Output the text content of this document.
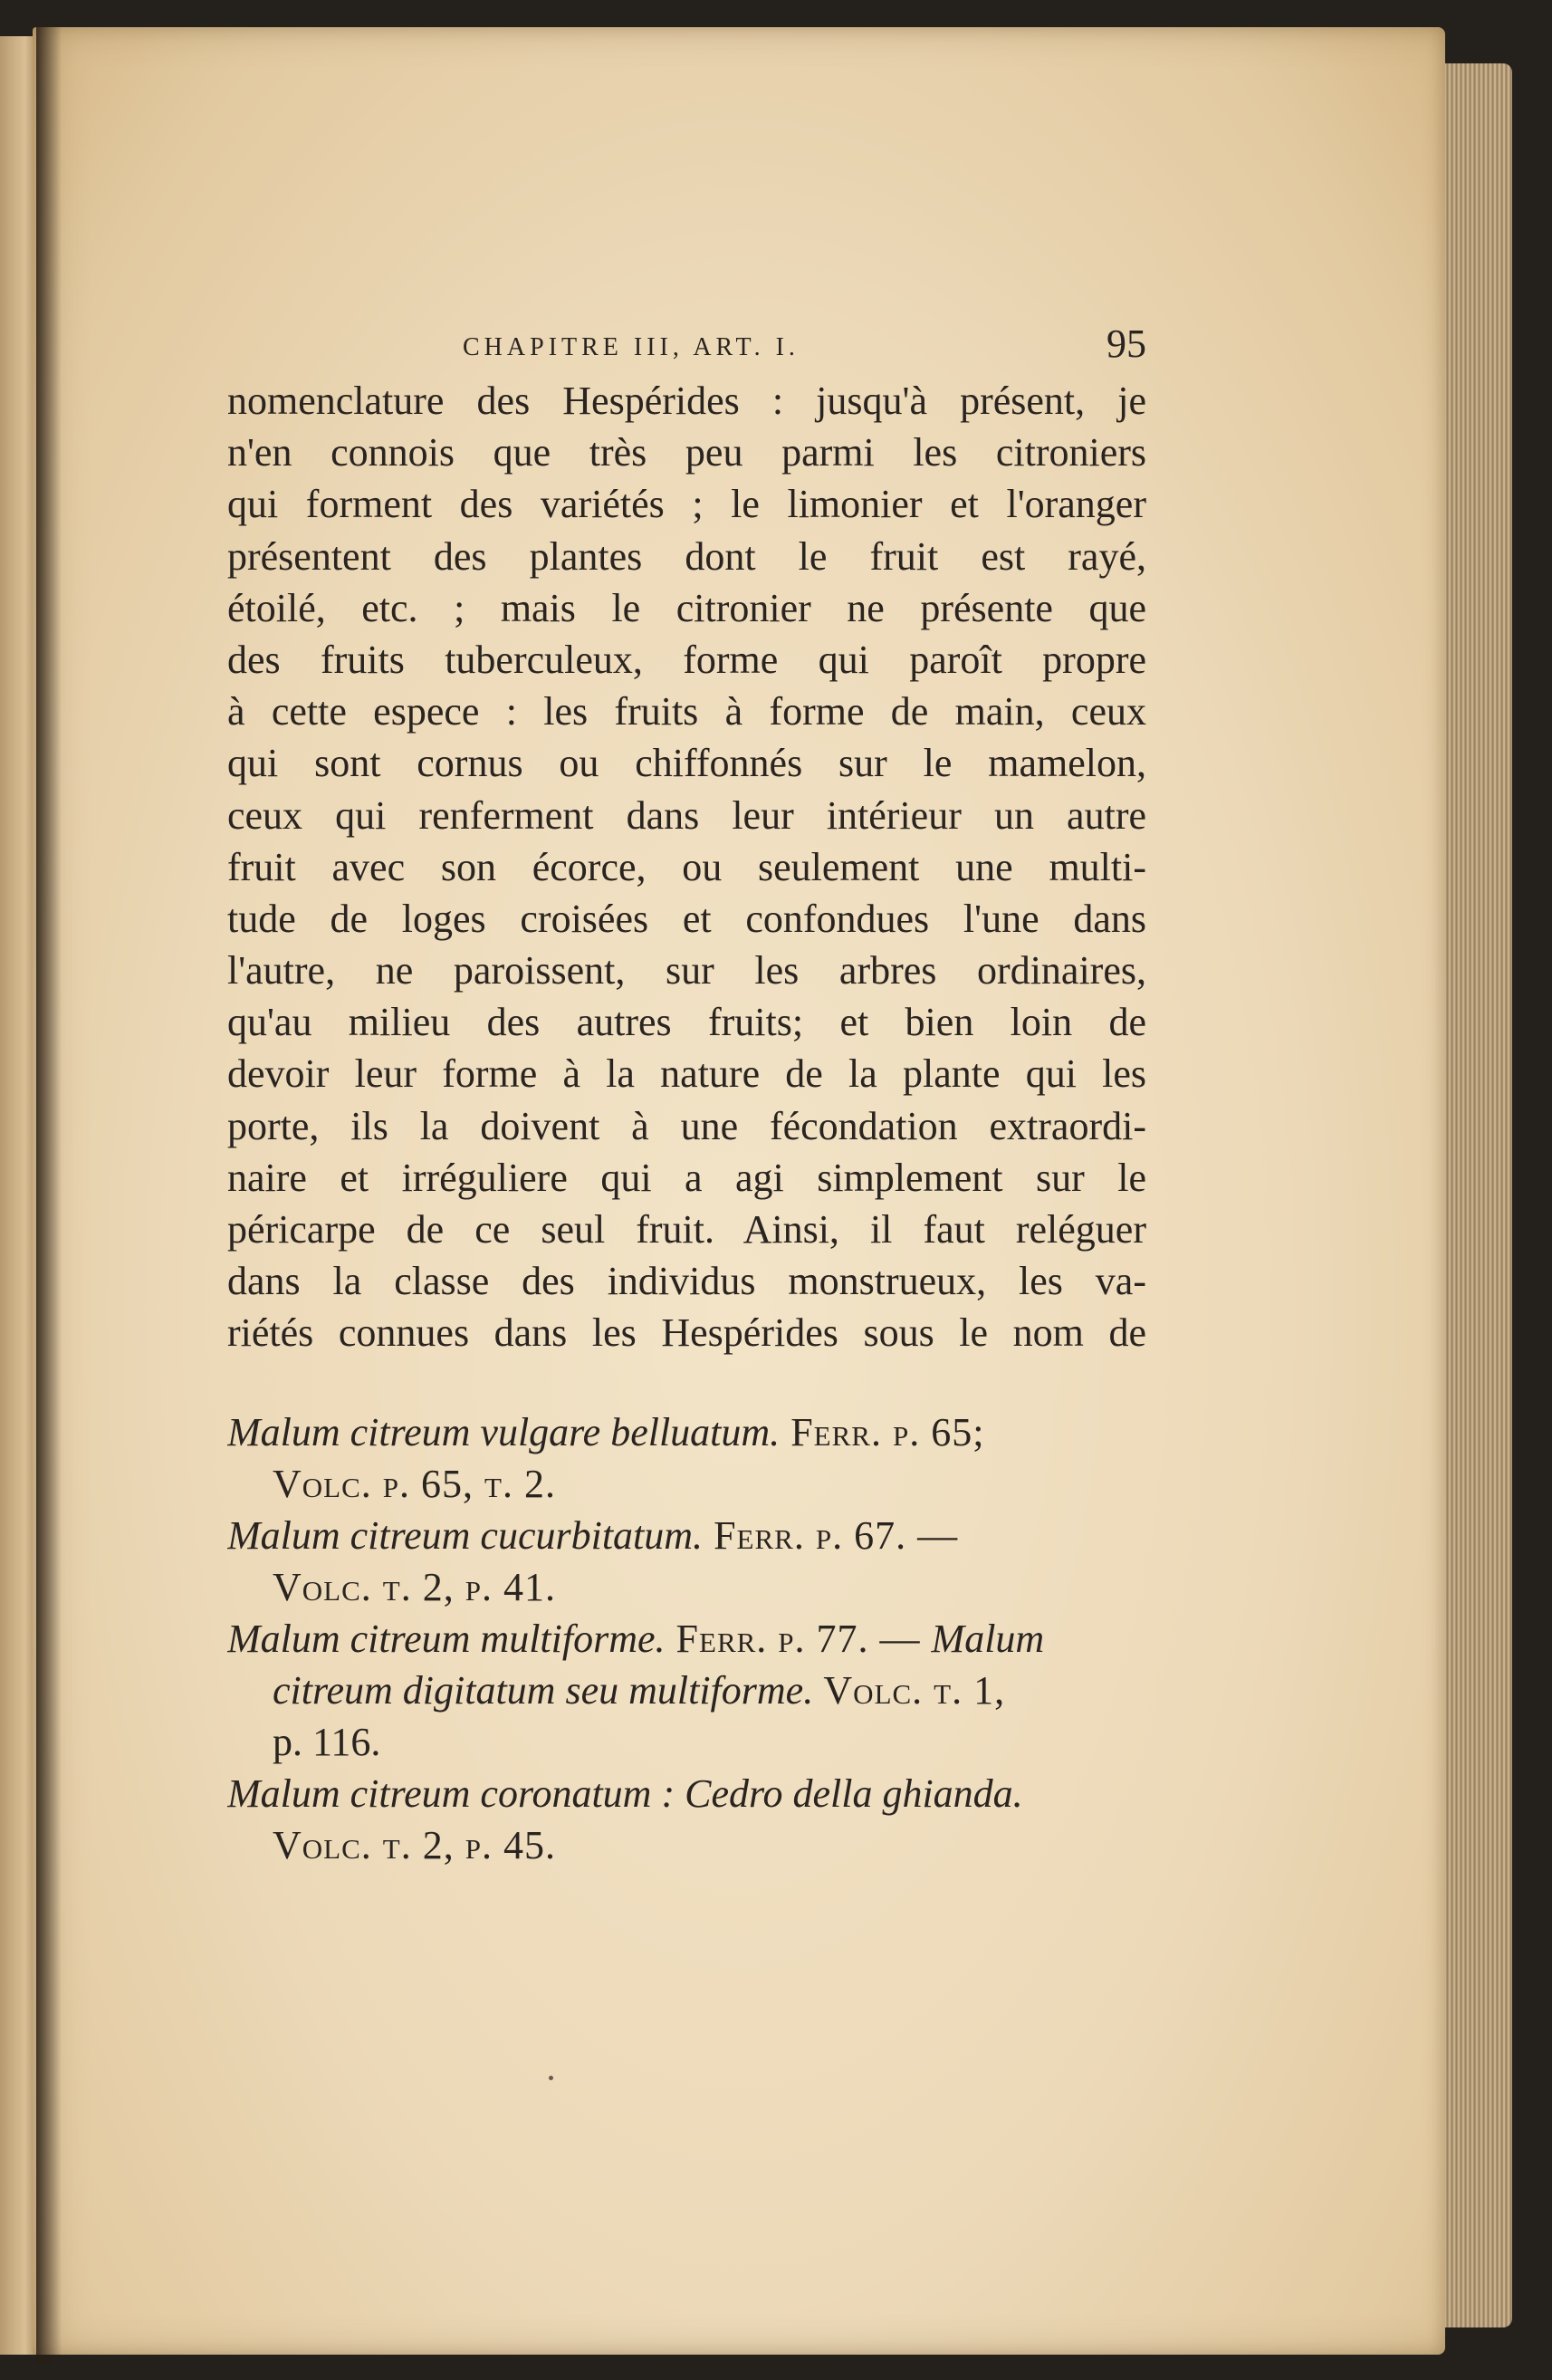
CHAPITRE III, ART. I.	95
nomenclature des Hespérides : jusqu'à présent, je
n'en connois que très peu parmi les citroniers
qui forment des variétés ; le limonier et l'oranger
présentent des plantes dont le fruit est rayé,
étoilé, etc. ; mais le citronier ne présente que
des fruits tuberculeux, forme qui paroît propre
à cette espece : les fruits à forme de main, ceux
qui sont cornus ou chiffonnés sur le mamelon,
ceux qui renferment dans leur intérieur un autre
fruit avec son écorce, ou seulement une multi-
tude de loges croisées et confondues l'une dans
l'autre, ne paroissent, sur les arbres ordinaires,
qu'au milieu des autres fruits; et bien loin de
devoir leur forme à la nature de la plante qui les
porte, ils la doivent à une fécondation extraordi-
naire et irréguliere qui a agi simplement sur le
péricarpe de ce seul fruit. Ainsi, il faut reléguer
dans la classe des individus monstrueux, les va-
riétés connues dans les Hespérides sous le nom de
Malum citreum vulgare belluatum. Ferr. p. 65;
Volc. p. 65, t. 2.
Malum citreum cucurbitatum. Ferr. p. 67. —
Volc. t. 2, p. 41.
Malum citreum multiforme. Ferr. p. 77. — Malum
citreum digitatum seu multiforme. Volc. t. 1,
p. 116.
Malum citreum coronatum : Cedro della ghianda.
Volc. t. 2, p. 45.
